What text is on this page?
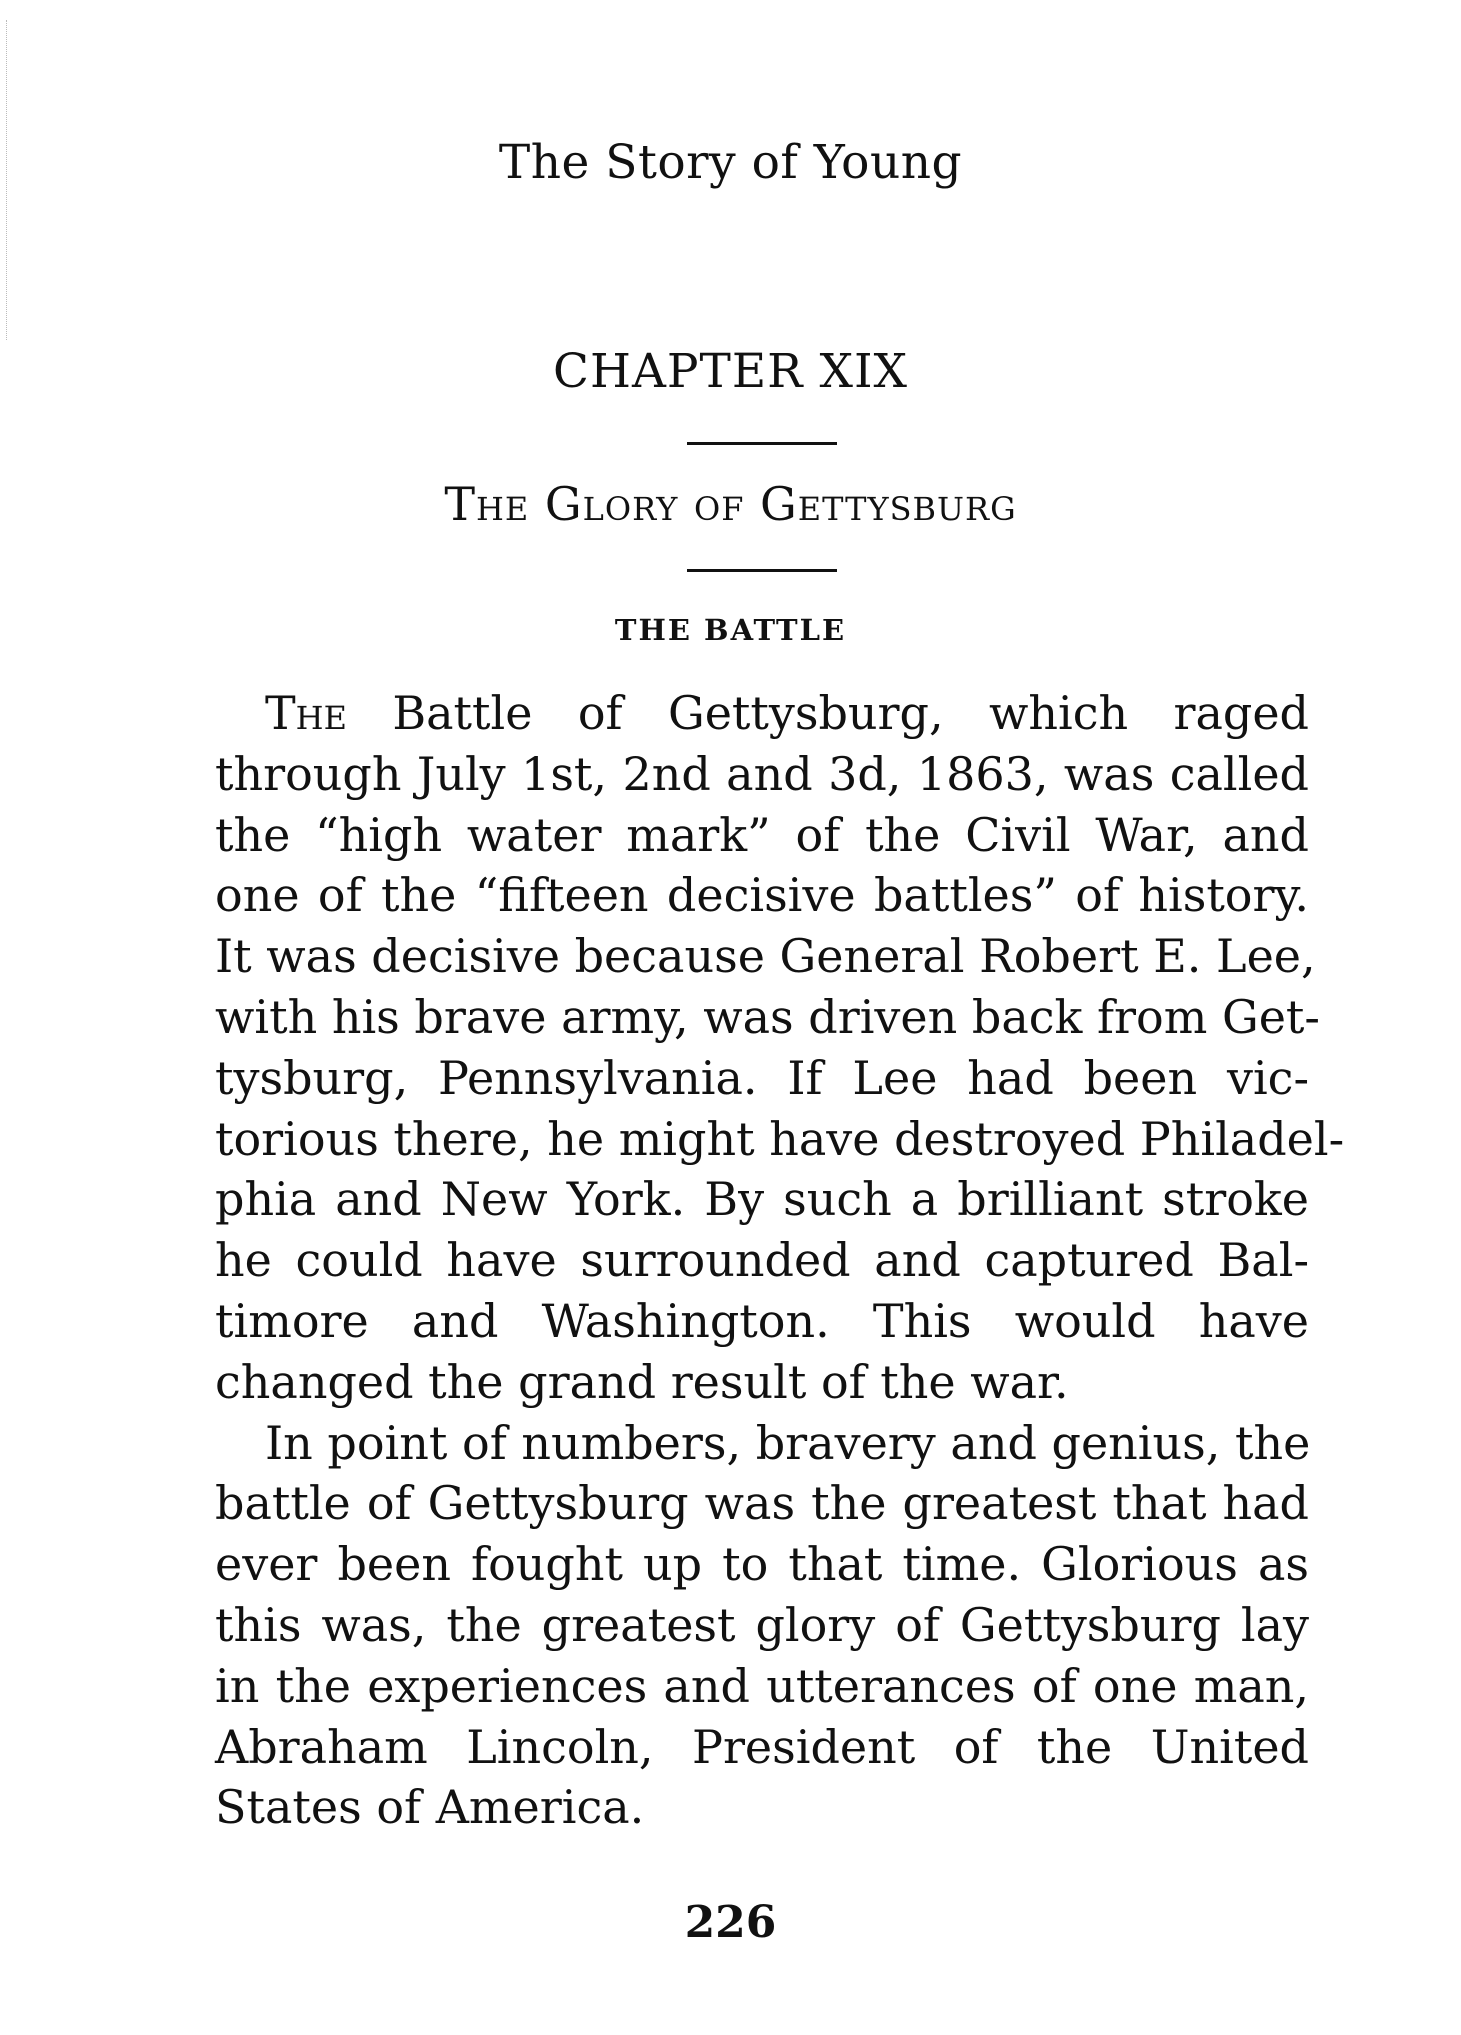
The Story of Young
CHAPTER XIX
The Glory of Gettysburg
THE BATTLE
The Battle of Gettysburg, which raged
through July 1st, 2nd and 3d, 1863, was called
the “high water mark” of the Civil War, and
one of the “fifteen decisive battles” of history.
It was decisive because General Robert E. Lee,
with his brave army, was driven back from Get-
tysburg, Pennsylvania. If Lee had been vic-
torious there, he might have destroyed Philadel-
phia and New York. By such a brilliant stroke
he could have surrounded and captured Bal-
timore and Washington. This would have
changed the grand result of the war.
In point of numbers, bravery and genius, the
battle of Gettysburg was the greatest that had
ever been fought up to that time. Glorious as
this was, the greatest glory of Gettysburg lay
in the experiences and utterances of one man,
Abraham Lincoln, President of the United
States of America.
226
